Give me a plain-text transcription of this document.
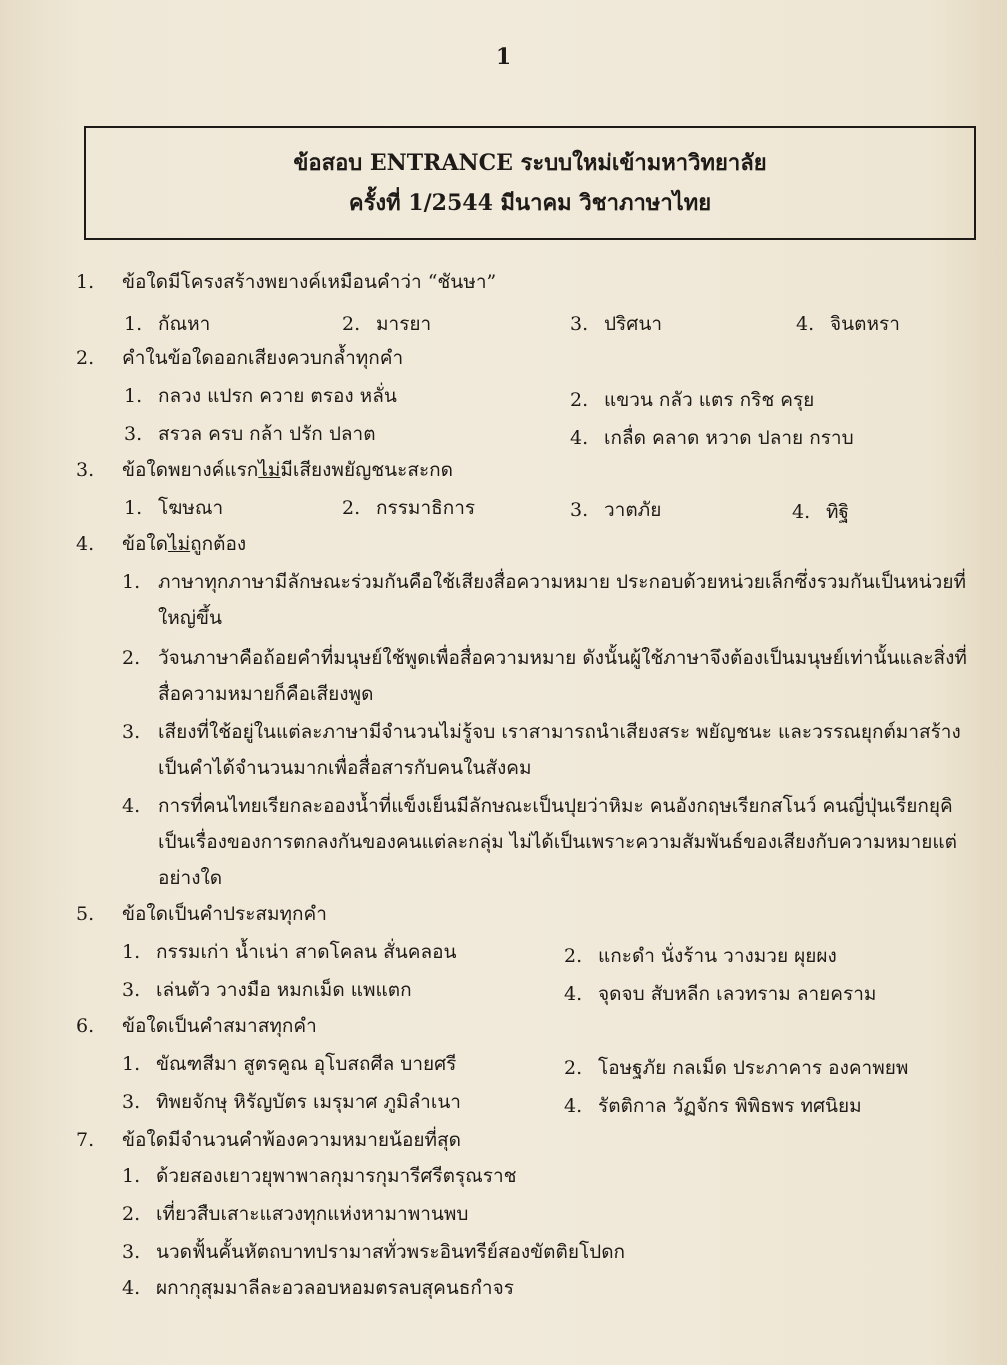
1
ข้อสอบ ENTRANCE ระบบใหม่เข้ามหาวิทยาลัย
ครั้งที่ 1/2544 มีนาคม วิชาภาษาไทย
1. ข้อใดมีโครงสร้างพยางค์เหมือนคำว่า “ชันษา”
1. กัณหา	2. มารยา	3. ปริศนา	4. จินตหรา
2. คำในข้อใดออกเสียงควบกล้ำทุกคำ
1. กลวง แปรก ควาย ตรอง หลั่น	2. แขวน กลัว แตร กริช ครุย
3. สรวล ครบ กล้า ปรัก ปลาต	4. เกลื่ด คลาด หวาด ปลาย กราบ
3. ข้อใดพยางค์แรกไม่มีเสียงพยัญชนะสะกด
1. โฆษณา	2. กรรมาธิการ	3. วาตภัย	4. ทิฐิ
4. ข้อใดไม่ถูกต้อง
1. ภาษาทุกภาษามีลักษณะร่วมกันคือใช้เสียงสื่อความหมาย ประกอบด้วยหน่วยเล็กซึ่งรวมกันเป็นหน่วยที่ใหญ่ขึ้น
2. วัจนภาษาคือถ้อยคำที่มนุษย์ใช้พูดเพื่อสื่อความหมาย ดังนั้นผู้ใช้ภาษาจึงต้องเป็นมนุษย์เท่านั้นและสิ่งที่สื่อความหมายก็คือเสียงพูด
3. เสียงที่ใช้อยู่ในแต่ละภาษามีจำนวนไม่รู้จบ เราสามารถนำเสียงสระ พยัญชนะ และวรรณยุกต์มาสร้างเป็นคำได้จำนวนมากเพื่อสื่อสารกับคนในสังคม
4. การที่คนไทยเรียกละอองน้ำที่แข็งเย็นมีลักษณะเป็นปุยว่าหิมะ คนอังกฤษเรียกสโนว์ คนญี่ปุ่นเรียกยุคิ เป็นเรื่องของการตกลงกันของคนแต่ละกลุ่ม ไม่ได้เป็นเพราะความสัมพันธ์ของเสียงกับความหมายแต่อย่างใด
5. ข้อใดเป็นคำประสมทุกคำ
1. กรรมเก่า น้ำเน่า สาดโคลน สั่นคลอน	2. แกะดำ นั่งร้าน วางมวย ผุยผง
3. เล่นตัว วางมือ หมกเม็ด แพแตก	4. จุดจบ สับหลีก เลวทราม ลายคราม
6. ข้อใดเป็นคำสมาสทุกคำ
1. ขัณฑสีมา สูตรคูณ อุโบสถศีล บายศรี	2. โอษฐภัย กลเม็ด ประภาคาร องคาพยพ
3. ทิพยจักษุ หิรัญบัตร เมรุมาศ ภูมิลำเนา	4. รัตติกาล วัฏจักร พิพิธพร ทศนิยม
7. ข้อใดมีจำนวนคำพ้องความหมายน้อยที่สุด
1. ด้วยสองเยาวยุพาพาลกุมารกุมารีศรีตรุณราช
2. เที่ยวสืบเสาะแสวงทุกแห่งหามาพานพบ
3. นวดฟั้นคั้นหัตถบาทปรามาสทั่วพระอินทรีย์สองขัตติยโปดก
4. ผกากุสุมมาลีละอวลอบหอมตรลบสุคนธกำจร
